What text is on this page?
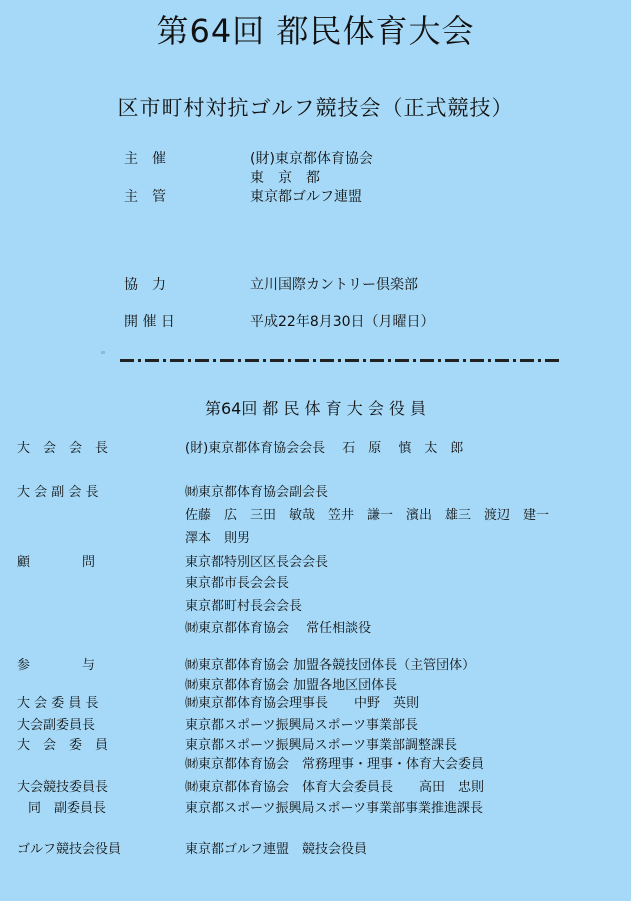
第64回 都民体育大会
区市町村対抗ゴルフ競技会（正式競技）
主　催	(財)東京都体育協会
東　京　都
主　管	東京都ゴルフ連盟
協　力	立川国際カントリー倶楽部
開 催 日	平成22年8月30日（月曜日）
第64回 都 民 体 育 大 会 役 員
大　会　会　長	(財)東京都体育協会会長　 石　原　 慎　太　郎
大 会 副 会 長	㈶東京都体育協会副会長
佐藤　広　三田　敏哉　笠井　謙一　濱出　雄三　渡辺　建一
澤本　則男
顧　　　　問	東京都特別区区長会会長
東京都市長会会長
東京都町村長会会長
㈶東京都体育協会　 常任相談役
参　　　　与	㈶東京都体育協会 加盟各競技団体長（主管団体）
㈶東京都体育協会 加盟各地区団体長
大 会 委 員 長	㈶東京都体育協会理事長　　中野　英則
大会副委員長	東京都スポーツ振興局スポーツ事業部長
大　会　委　員	東京都スポーツ振興局スポーツ事業部調整課長
㈶東京都体育協会　常務理事・理事・体育大会委員
大会競技委員長	㈶東京都体育協会　体育大会委員長　　高田　忠則
同　副委員長	東京都スポーツ振興局スポーツ事業部事業推進課長
ゴルフ競技会役員	東京都ゴルフ連盟　競技会役員
